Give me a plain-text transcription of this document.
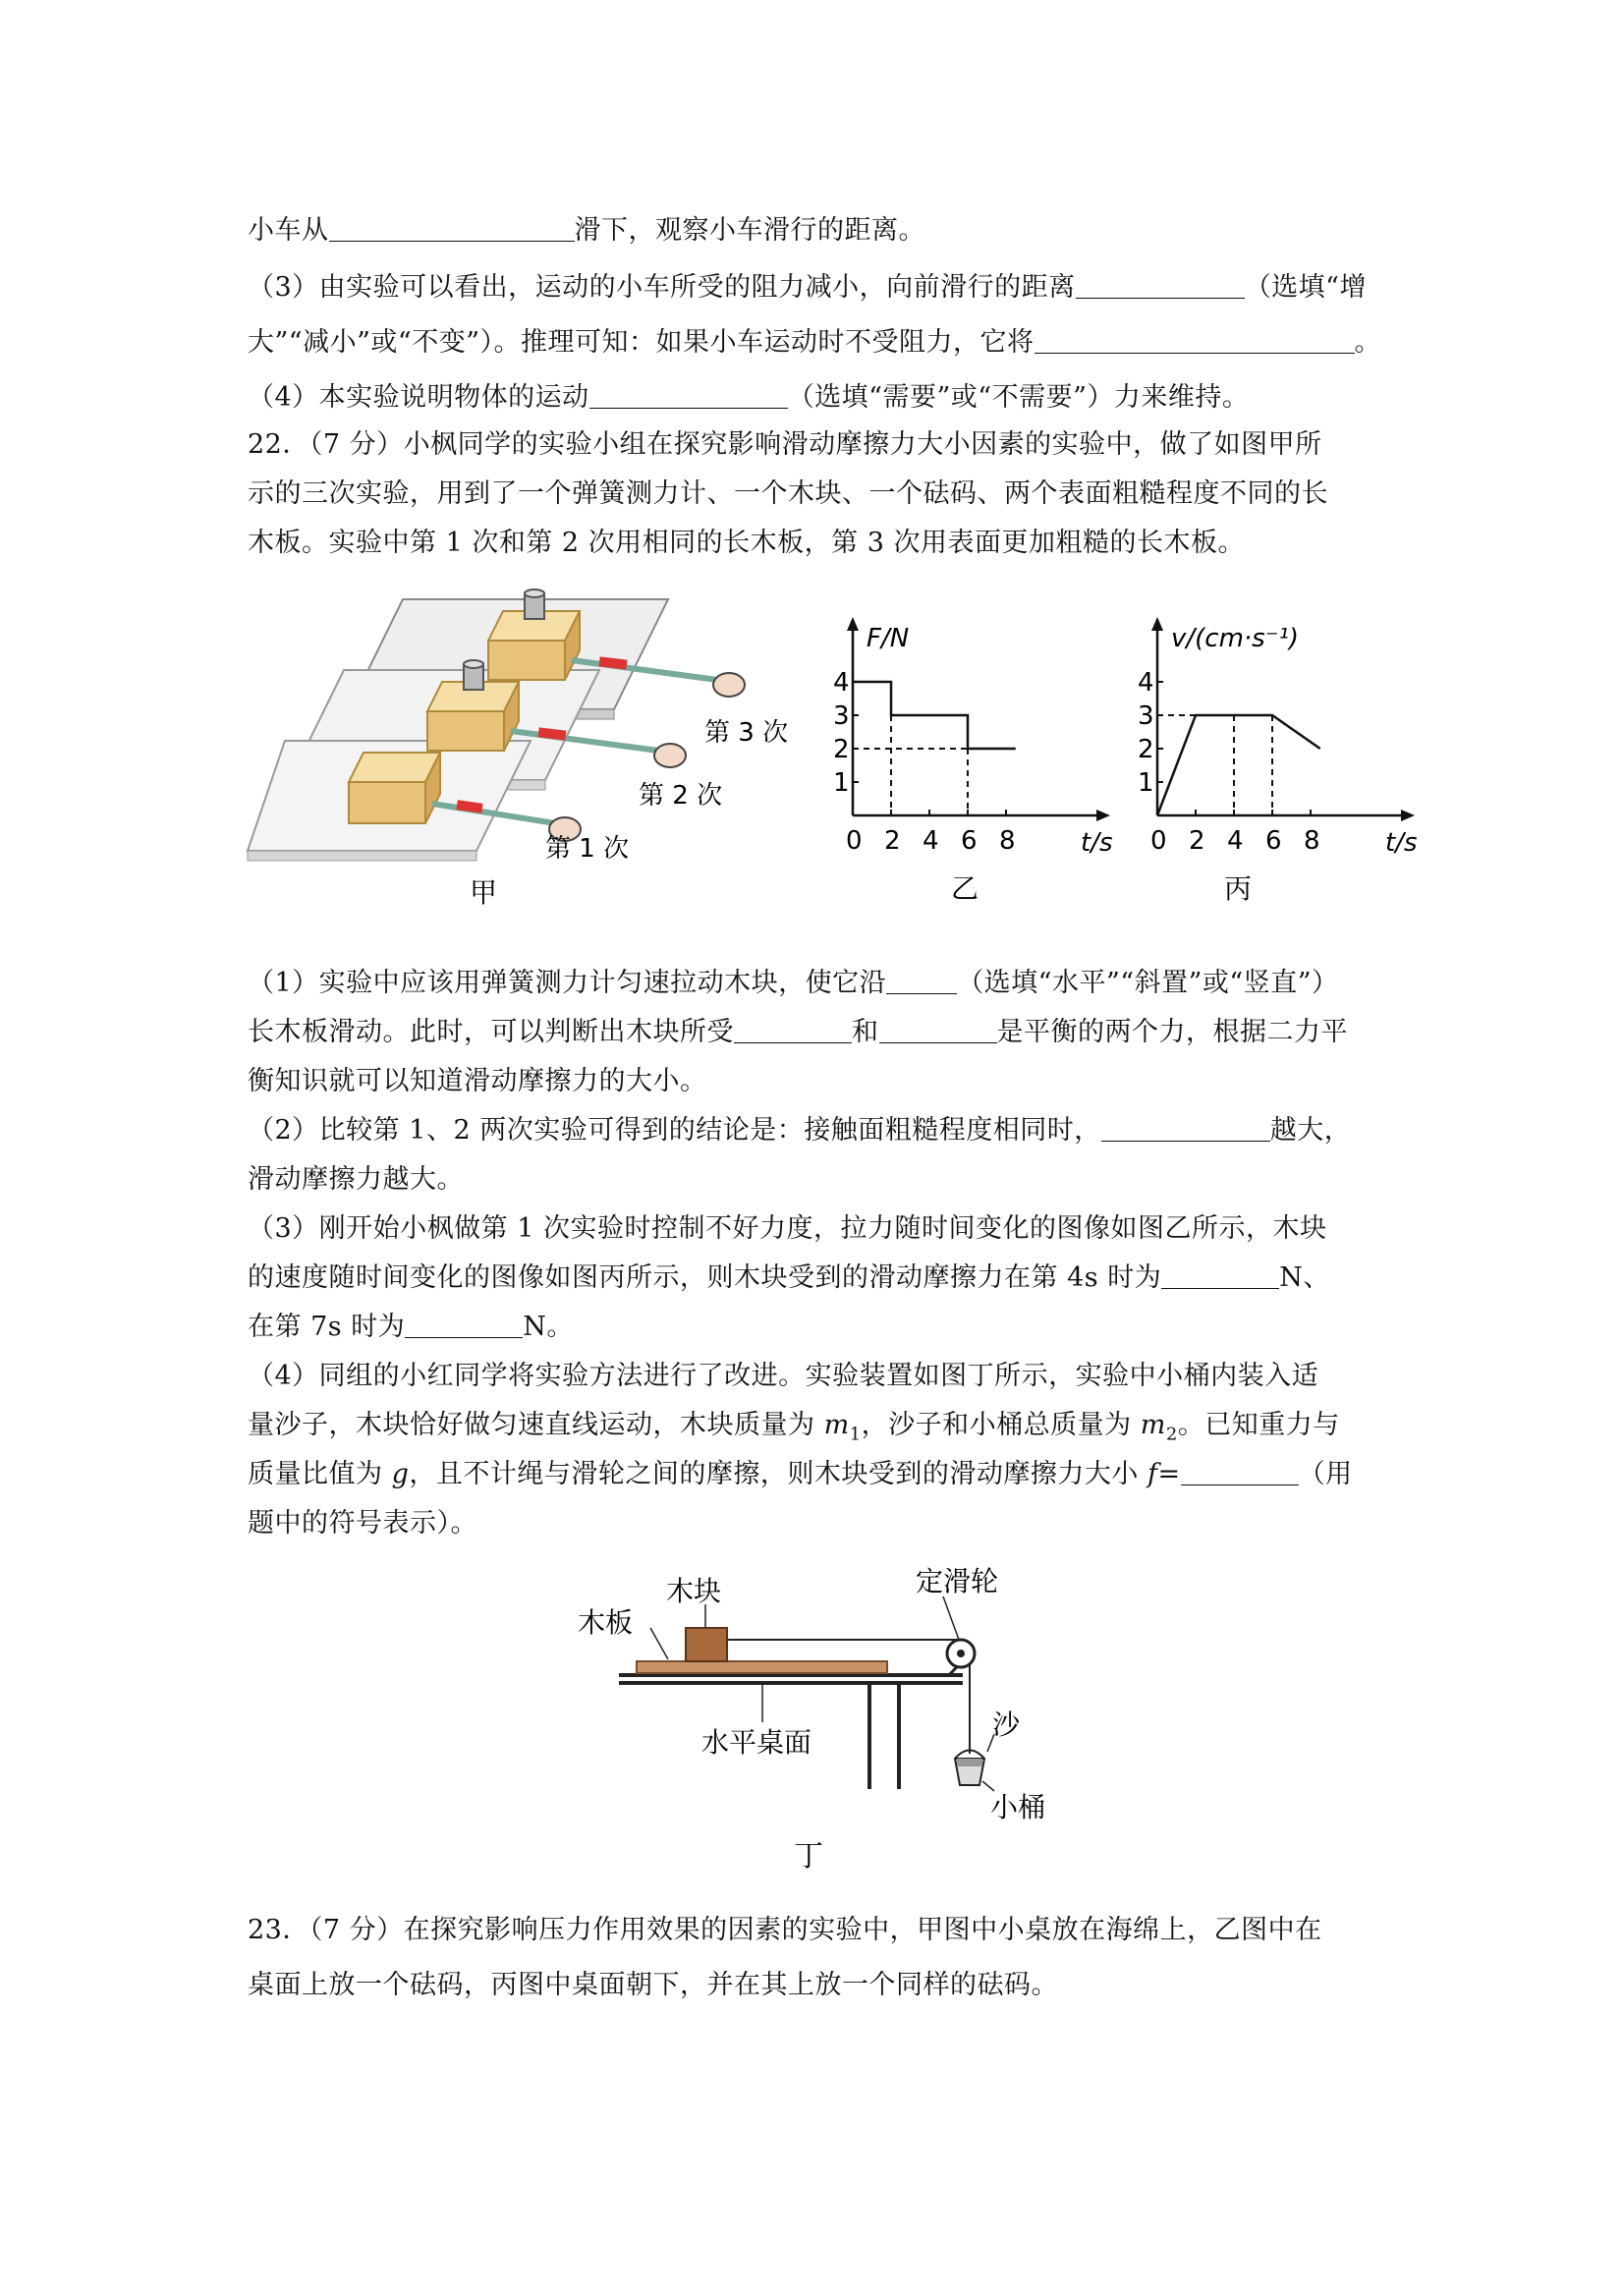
小车从	滑下，观察小车滑行的距离。
（3）由实验可以看出，运动的小车所受的阻力减小，向前滑行的距离	（选填“增
大”“减小”或“不变”）。推理可知：如果小车运动时不受阻力，它将	。
（4）本实验说明物体的运动	（选填“需要”或“不需要”）力来维持。
22．（7 分）小枫同学的实验小组在探究影响滑动摩擦力大小因素的实验中，做了如图甲所
示的三次实验，用到了一个弹簧测力计、一个木块、一个砝码、两个表面粗糙程度不同的长
木板。实验中第 1 次和第 2 次用相同的长木板，第 3 次用表面更加粗糙的长木板。
第 3 次
第 2 次
第 1 次
甲
0 2 4 6 8
1
2
3
4
F/N
t/s
乙
0 2 4 6 8
1
2
3
4
v/(cm·s⁻¹)
t/s
丙
（1）实验中应该用弹簧测力计匀速拉动木块，使它沿	（选填“水平”“斜置”或“竖直”）
长木板滑动。此时，可以判断出木块所受	和	是平衡的两个力，根据二力平
衡知识就可以知道滑动摩擦力的大小。
（2）比较第 1、2 两次实验可得到的结论是：接触面粗糙程度相同时，	越大，
滑动摩擦力越大。
（3）刚开始小枫做第 1 次实验时控制不好力度，拉力随时间变化的图像如图乙所示，木块
的速度随时间变化的图像如图丙所示，则木块受到的滑动摩擦力在第 4s 时为	N、
在第 7s 时为	N。
（4）同组的小红同学将实验方法进行了改进。实验装置如图丁所示，实验中小桶内装入适
量沙子，木块恰好做匀速直线运动，木块质量为 $m_1$，沙子和小桶总质量为 $m_2$。已知重力与
质量比值为 g，且不计绳与滑轮之间的摩擦，则木块受到的滑动摩擦力大小 f=	（用
题中的符号表示）。
木块
木板
定滑轮
水平桌面
沙
小桶
丁
23．（7 分）在探究影响压力作用效果的因素的实验中，甲图中小桌放在海绵上，乙图中在
桌面上放一个砝码，丙图中桌面朝下，并在其上放一个同样的砝码。
